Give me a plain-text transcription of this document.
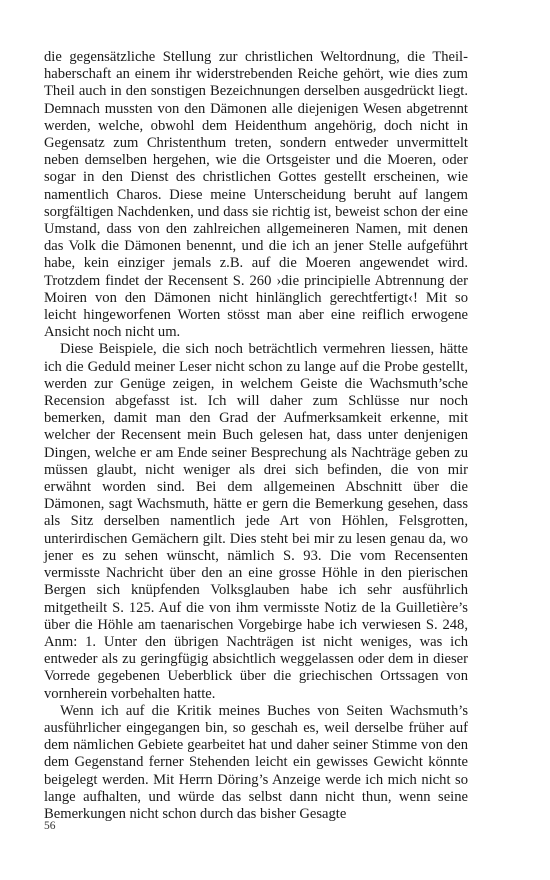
die gegensätzliche Stellung zur christlichen Weltordnung, die Theilhaberschaft an einem ihr widerstrebenden Reiche gehört, wie dies zum Theil auch in den sonstigen Bezeichnungen derselben ausgedrückt liegt. Demnach mussten von den Dämonen alle diejenigen Wesen abgetrennt werden, welche, obwohl dem Heidenthum angehörig, doch nicht in Gegensatz zum Christenthum treten, sondern entweder unvermittelt neben demselben hergehen, wie die Ortsgeister und die Moeren, oder sogar in den Dienst des christlichen Gottes gestellt erscheinen, wie namentlich Charos. Diese meine Unterscheidung beruht auf langem sorgfältigen Nachdenken, und dass sie richtig ist, beweist schon der eine Umstand, dass von den zahlreichen allgemeineren Namen, mit denen das Volk die Dämonen benennt, und die ich an jener Stelle aufgeführt habe, kein einziger jemals z.B. auf die Moeren angewendet wird. Trotzdem findet der Recensent S. 260 ›die principielle Abtrennung der Moiren von den Dämonen nicht hinlänglich gerechtfertigt‹! Mit so leicht hingeworfenen Worten stösst man aber eine reiflich erwogene Ansicht noch nicht um.

Diese Beispiele, die sich noch beträchtlich vermehren liessen, hätte ich die Geduld meiner Leser nicht schon zu lange auf die Probe gestellt, werden zur Genüge zeigen, in welchem Geiste die Wachsmuth’sche Recension abgefasst ist. Ich will daher zum Schlüsse nur noch bemerken, damit man den Grad der Aufmerksamkeit erkenne, mit welcher der Recensent mein Buch gelesen hat, dass unter denjenigen Dingen, welche er am Ende seiner Besprechung als Nachträge geben zu müssen glaubt, nicht weniger als drei sich befinden, die von mir erwähnt worden sind. Bei dem allgemeinen Abschnitt über die Dämonen, sagt Wachsmuth, hätte er gern die Bemerkung gesehen, dass als Sitz derselben namentlich jede Art von Höhlen, Felsgrotten, unterirdischen Gemächern gilt. Dies steht bei mir zu lesen genau da, wo jener es zu sehen wünscht, nämlich S. 93. Die vom Recensenten vermisste Nachricht über den an eine grosse Höhle in den pierischen Bergen sich knüpfenden Volksglauben habe ich sehr ausführlich mitgetheilt S. 125. Auf die von ihm vermisste Notiz de la Guilletière’s über die Höhle am taenarischen Vorgebirge habe ich verwiesen S. 248, Anm: 1. Unter den übrigen Nachträgen ist nicht weniges, was ich entweder als zu geringfügig absichtlich weggelassen oder dem in dieser Vorrede gegebenen Ueberblick über die griechischen Ortssagen von vornherein vorbehalten hatte.

Wenn ich auf die Kritik meines Buches von Seiten Wachsmuth’s ausführlicher eingegangen bin, so geschah es, weil derselbe früher auf dem nämlichen Gebiete gearbeitet hat und daher seiner Stimme von den dem Gegenstand ferner Stehenden leicht ein gewisses Gewicht könnte beigelegt werden. Mit Herrn Döring’s Anzeige werde ich mich nicht so lange aufhalten, und würde das selbst dann nicht thun, wenn seine Bemerkungen nicht schon durch das bisher Gesagte

56
